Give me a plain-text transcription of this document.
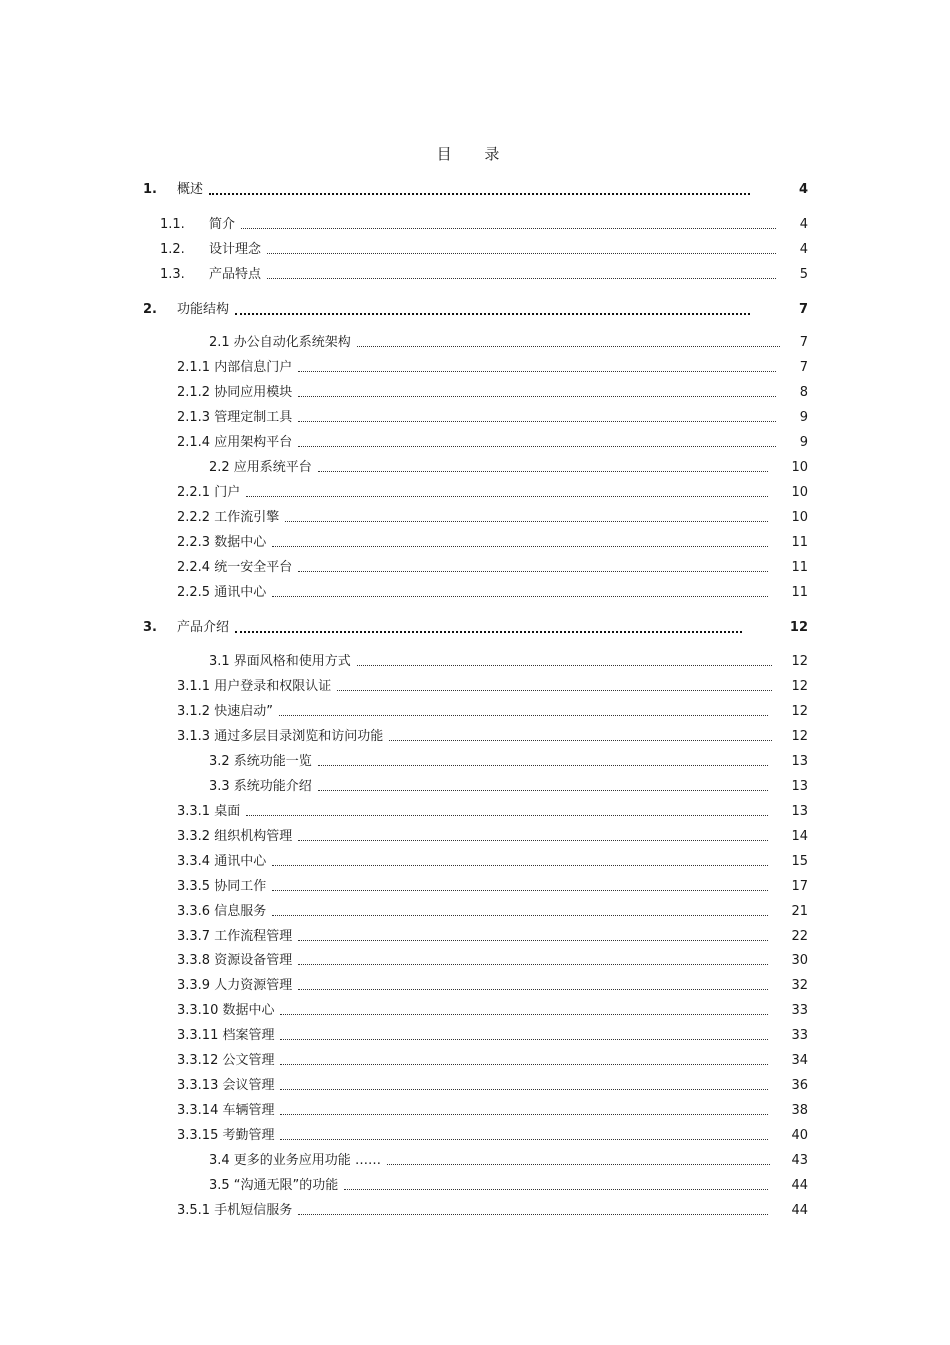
目 录
1. 概述	4
1.1. 简介	4
1.2. 设计理念	4
1.3. 产品特点	5
2. 功能结构	7
2.1 办公自动化系统架构	7
2.1.1 内部信息门户	7
2.1.2 协同应用模块	8
2.1.3 管理定制工具	9
2.1.4 应用架构平台	9
2.2 应用系统平台	10
2.2.1 门户	10
2.2.2 工作流引擎	10
2.2.3 数据中心	11
2.2.4 统一安全平台	11
2.2.5 通讯中心	11
3. 产品介绍	12
3.1 界面风格和使用方式	12
3.1.1 用户登录和权限认证	12
3.1.2 快速启动”	12
3.1.3 通过多层目录浏览和访问功能	12
3.2 系统功能一览	13
3.3 系统功能介绍	13
3.3.1 桌面	13
3.3.2 组织机构管理	14
3.3.4 通讯中心	15
3.3.5 协同工作	17
3.3.6 信息服务	21
3.3.7 工作流程管理	22
3.3.8 资源设备管理	30
3.3.9 人力资源管理	32
3.3.10 数据中心	33
3.3.11 档案管理	33
3.3.12 公文管理	34
3.3.13 会议管理	36
3.3.14 车辆管理	38
3.3.15 考勤管理	40
3.4 更多的业务应用功能 ……	43
3.5 “沟通无限”的功能	44
3.5.1 手机短信服务	44
